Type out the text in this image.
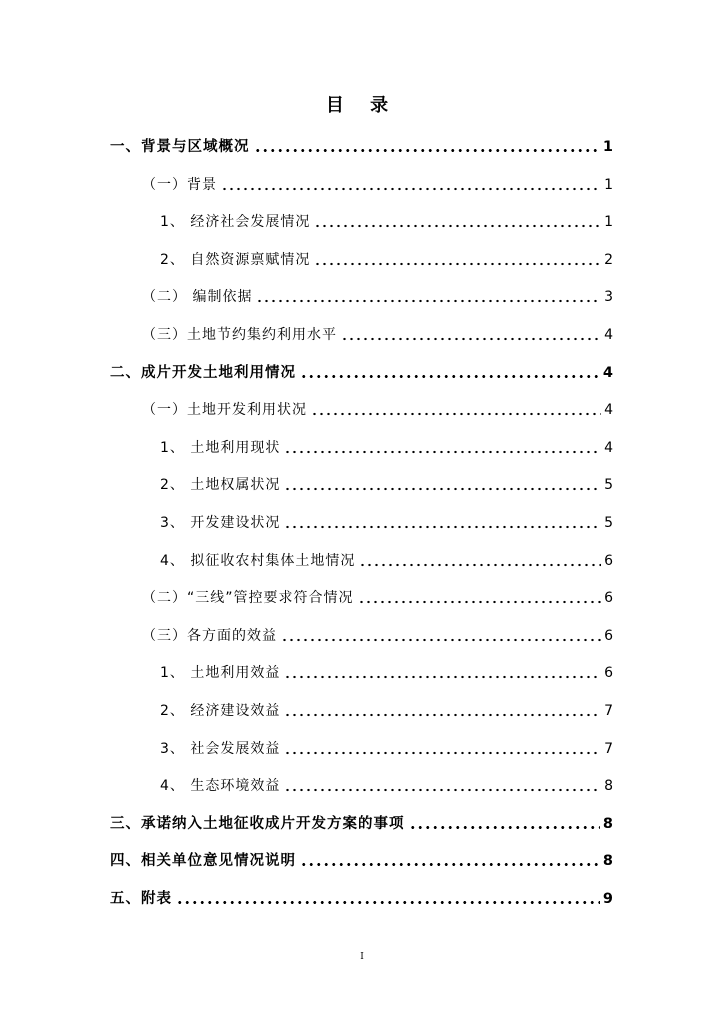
目 录
一、背景与区域概况	1
（一）背景	1
1、 经济社会发展情况	1
2、 自然资源禀赋情况	2
（二） 编制依据	3
（三）土地节约集约利用水平	4
二、成片开发土地利用情况	4
（一）土地开发利用状况	4
1、 土地利用现状	4
2、 土地权属状况	5
3、 开发建设状况	5
4、 拟征收农村集体土地情况	6
（二）“三线”管控要求符合情况	6
（三）各方面的效益	6
1、 土地利用效益	6
2、 经济建设效益	7
3、 社会发展效益	7
4、 生态环境效益	8
三、承诺纳入土地征收成片开发方案的事项	8
四、相关单位意见情况说明	8
五、附表	9
I
